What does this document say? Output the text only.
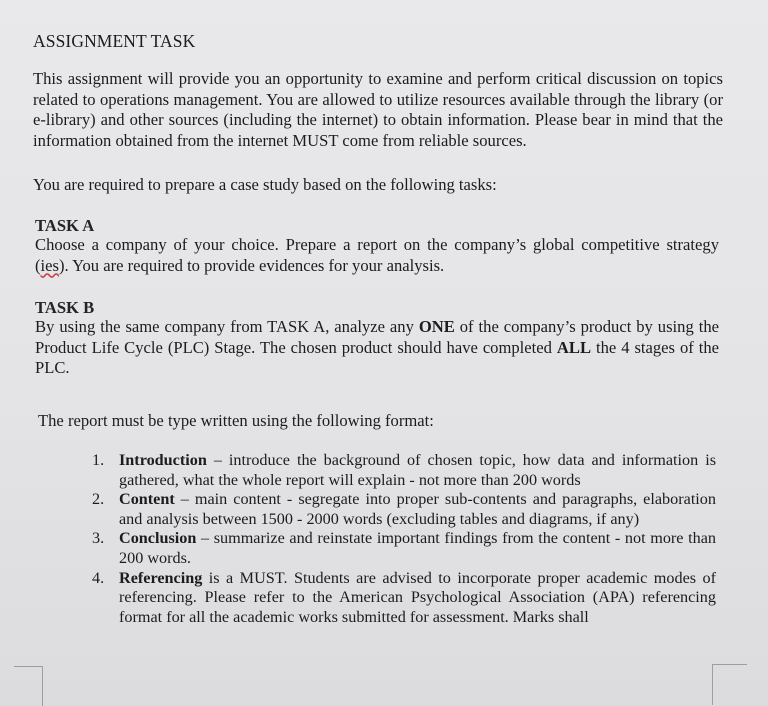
ASSIGNMENT TASK
This assignment will provide you an opportunity to examine and perform critical discussion on topics related to operations management. You are allowed to utilize resources available through the library (or e-library) and other sources (including the internet) to obtain information. Please bear in mind that the information obtained from the internet MUST come from reliable sources.
You are required to prepare a case study based on the following tasks:
TASK A
Choose a company of your choice. Prepare a report on the company’s global competitive strategy (ies). You are required to provide evidences for your analysis.
TASK B
By using the same company from TASK A, analyze any ONE of the company’s product by using the Product Life Cycle (PLC) Stage. The chosen product should have completed ALL the 4 stages of the PLC.
The report must be type written using the following format:
1. Introduction – introduce the background of chosen topic, how data and information is gathered, what the whole report will explain - not more than 200 words
2. Content – main content - segregate into proper sub-contents and paragraphs, elaboration and analysis between 1500 - 2000 words (excluding tables and diagrams, if any)
3. Conclusion – summarize and reinstate important findings from the content - not more than 200 words.
4. Referencing is a MUST. Students are advised to incorporate proper academic modes of referencing. Please refer to the American Psychological Association (APA) referencing format for all the academic works submitted for assessment. Marks shall
